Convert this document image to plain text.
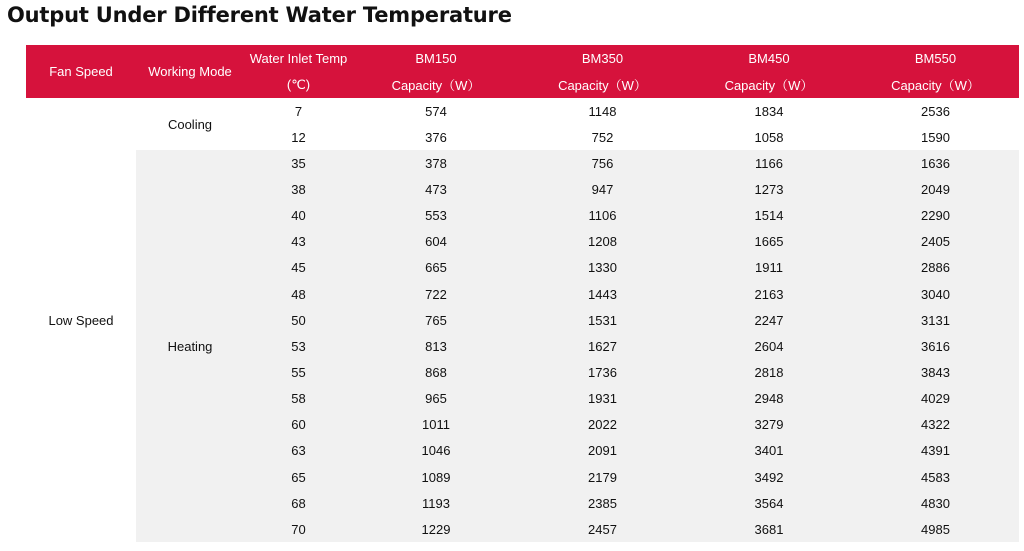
Output Under Different Water Temperature
Fan Speed	Working Mode	Water Inlet Temp	BM150	BM350	BM450	BM550
		(℃)	Capacity（W）	Capacity（W）	Capacity（W）	Capacity（W）
Low Speed	Cooling	7	574	1148	1834	2536
		12	376	752	1058	1590
	Heating	35	378	756	1166	1636
		38	473	947	1273	2049
		40	553	1106	1514	2290
		43	604	1208	1665	2405
		45	665	1330	1911	2886
		48	722	1443	2163	3040
		50	765	1531	2247	3131
		53	813	1627	2604	3616
		55	868	1736	2818	3843
		58	965	1931	2948	4029
		60	1011	2022	3279	4322
		63	1046	2091	3401	4391
		65	1089	2179	3492	4583
		68	1193	2385	3564	4830
		70	1229	2457	3681	4985
